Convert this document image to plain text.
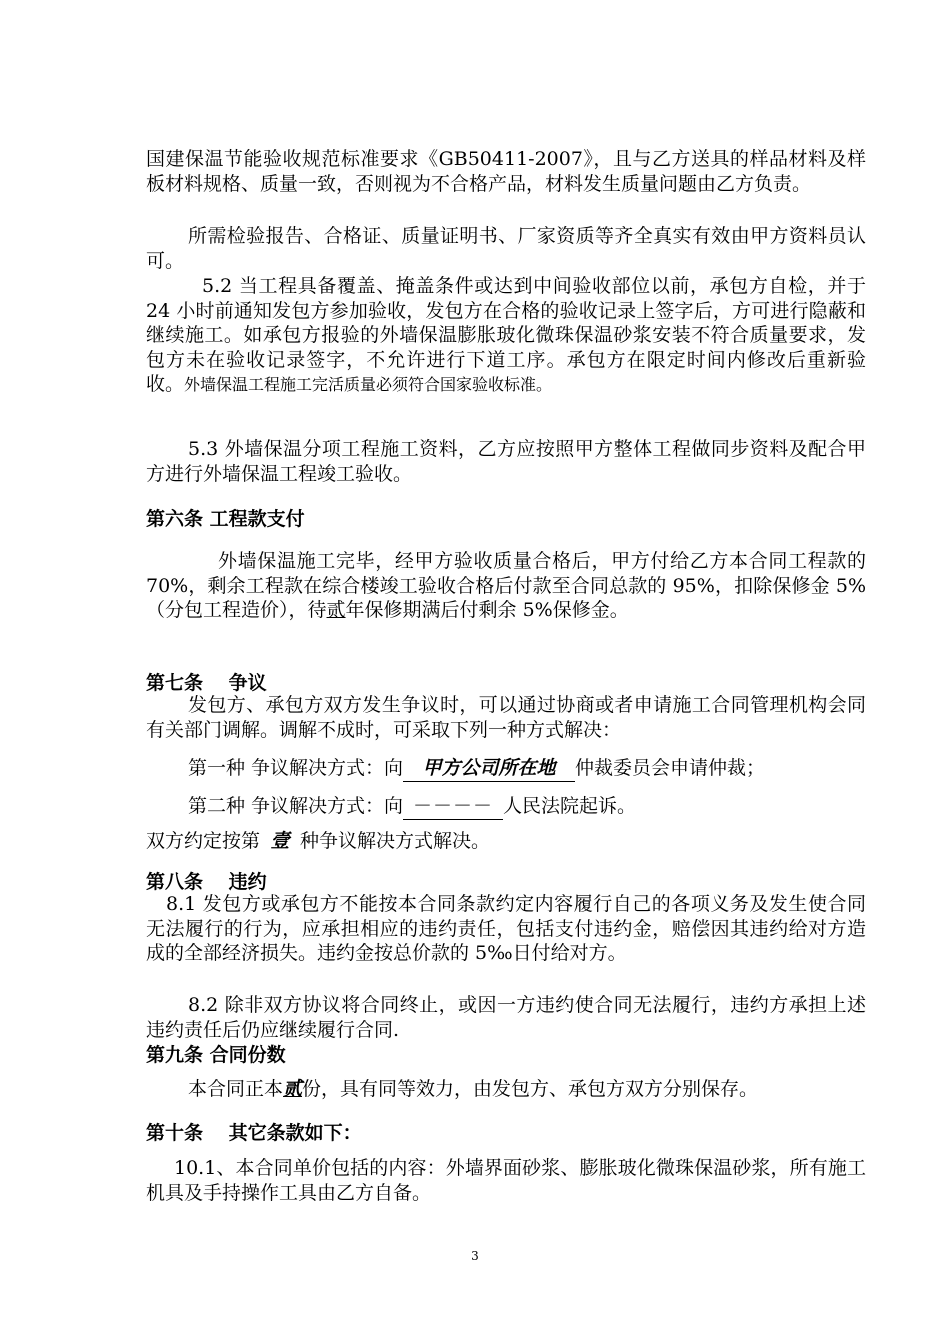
国建保温节能验收规范标准要求《GB50411-2007》，且与乙方送具的样品材料及样板材料规格、质量一致，否则视为不合格产品，材料发生质量问题由乙方负责。

所需检验报告、合格证、质量证明书、厂家资质等齐全真实有效由甲方资料员认可。

5.2 当工程具备覆盖、掩盖条件或达到中间验收部位以前，承包方自检，并于 24 小时前通知发包方参加验收，发包方在合格的验收记录上签字后，方可进行隐蔽和继续施工。如承包方报验的外墙保温膨胀玻化微珠保温砂浆安装不符合质量要求，发包方未在验收记录签字，不允许进行下道工序。承包方在限定时间内修改后重新验收。外墙保温工程施工完活质量必须符合国家验收标准。

5.3 外墙保温分项工程施工资料，乙方应按照甲方整体工程做同步资料及配合甲方进行外墙保温工程竣工验收。

第六条 工程款支付

外墙保温施工完毕，经甲方验收质量合格后，甲方付给乙方本合同工程款的 70%，剩余工程款在综合楼竣工验收合格后付款至合同总款的 95%，扣除保修金 5%（分包工程造价），待贰年保修期满后付剩余 5%保修金。

第七条　 争议

发包方、承包方双方发生争议时，可以通过协商或者申请施工合同管理机构会同有关部门调解。调解不成时，可采取下列一种方式解决：

第一种 争议解决方式：向 甲方公司所在地 仲裁委员会申请仲裁；

第二种 争议解决方式：向 －－－－ 人民法院起诉。

双方约定按第 壹 种争议解决方式解决。

第八条　 违约

8.1 发包方或承包方不能按本合同条款约定内容履行自己的各项义务及发生使合同无法履行的行为，应承担相应的违约责任，包括支付违约金，赔偿因其违约给对方造成的全部经济损失。违约金按总价款的 5‰日付给对方。

8.2 除非双方协议将合同终止，或因一方违约使合同无法履行，违约方承担上述违约责任后仍应继续履行合同.

第九条 合同份数

本合同正本贰份，具有同等效力，由发包方、承包方双方分别保存。

第十条　 其它条款如下：

10.1、本合同单价包括的内容：外墙界面砂浆、膨胀玻化微珠保温砂浆，所有施工机具及手持操作工具由乙方自备。

3
